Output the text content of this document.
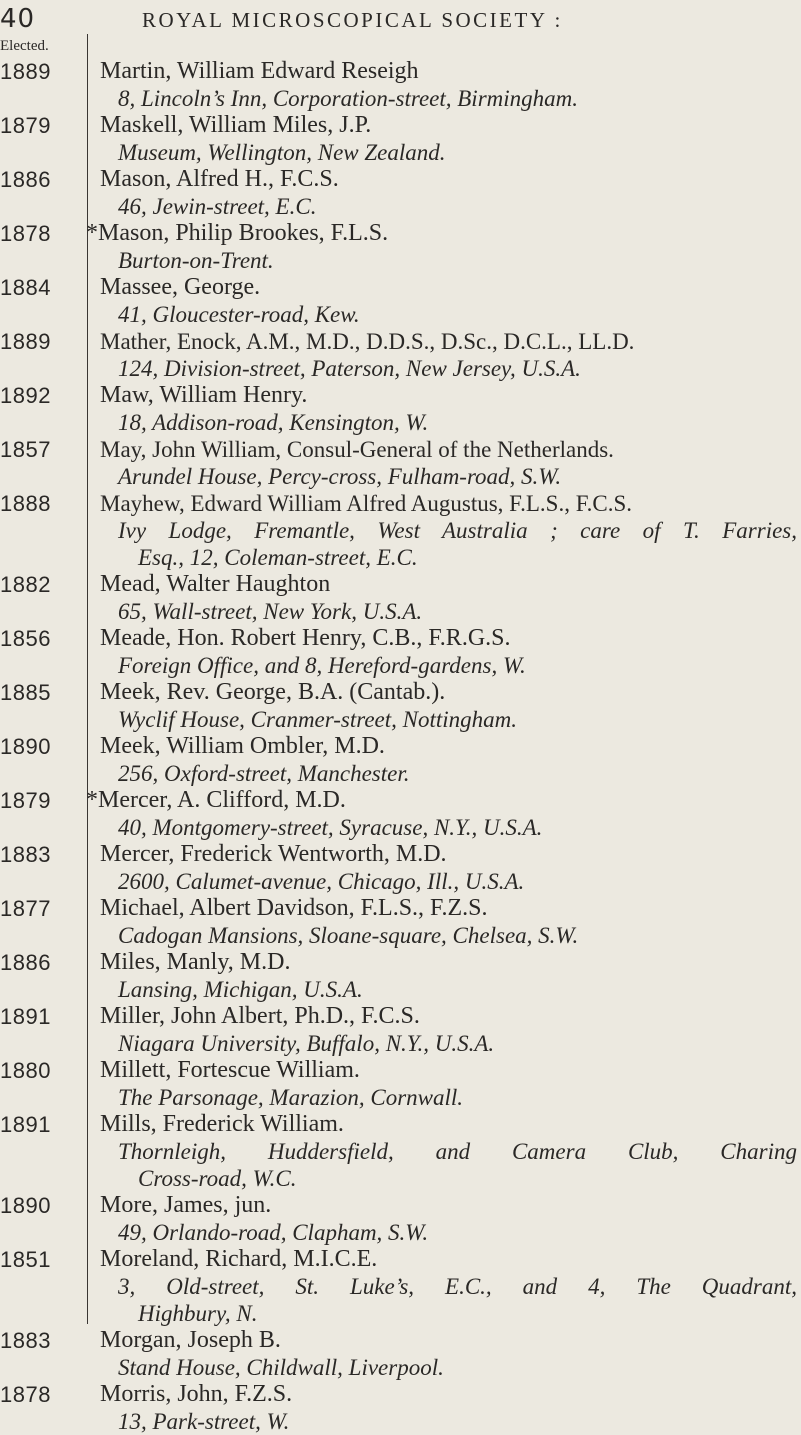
40	ROYAL MICROSCOPICAL SOCIETY :
Elected.
1889 Martin, William Edward Reseigh
8, Lincoln’s Inn, Corporation-street, Birmingham.
1879 Maskell, William Miles, J.P.
Museum, Wellington, New Zealand.
1886 Mason, Alfred H., F.C.S.
46, Jewin-street, E.C.
1878 *Mason, Philip Brookes, F.L.S.
Burton-on-Trent.
1884 Massee, George.
41, Gloucester-road, Kew.
1889 Mather, Enock, A.M., M.D., D.D.S., D.Sc., D.C.L., LL.D.
124, Division-street, Paterson, New Jersey, U.S.A.
1892 Maw, William Henry.
18, Addison-road, Kensington, W.
1857 May, John William, Consul-General of the Netherlands.
Arundel House, Percy-cross, Fulham-road, S.W.
1888 Mayhew, Edward William Alfred Augustus, F.L.S., F.C.S.
Ivy Lodge, Fremantle, West Australia ; care of T. Farries,
Esq., 12, Coleman-street, E.C.
1882 Mead, Walter Haughton
65, Wall-street, New York, U.S.A.
1856 Meade, Hon. Robert Henry, C.B., F.R.G.S.
Foreign Office, and 8, Hereford-gardens, W.
1885 Meek, Rev. George, B.A. (Cantab.).
Wyclif House, Cranmer-street, Nottingham.
1890 Meek, William Ombler, M.D.
256, Oxford-street, Manchester.
1879 *Mercer, A. Clifford, M.D.
40, Montgomery-street, Syracuse, N.Y., U.S.A.
1883 Mercer, Frederick Wentworth, M.D.
2600, Calumet-avenue, Chicago, Ill., U.S.A.
1877 Michael, Albert Davidson, F.L.S., F.Z.S.
Cadogan Mansions, Sloane-square, Chelsea, S.W.
1886 Miles, Manly, M.D.
Lansing, Michigan, U.S.A.
1891 Miller, John Albert, Ph.D., F.C.S.
Niagara University, Buffalo, N.Y., U.S.A.
1880 Millett, Fortescue William.
The Parsonage, Marazion, Cornwall.
1891 Mills, Frederick William.
Thornleigh, Huddersfield, and Camera Club, Charing
Cross-road, W.C.
1890 More, James, jun.
49, Orlando-road, Clapham, S.W.
1851 Moreland, Richard, M.I.C.E.
3, Old-street, St. Luke’s, E.C., and 4, The Quadrant,
Highbury, N.
1883 Morgan, Joseph B.
Stand House, Childwall, Liverpool.
1878 Morris, John, F.Z.S.
13, Park-street, W.
